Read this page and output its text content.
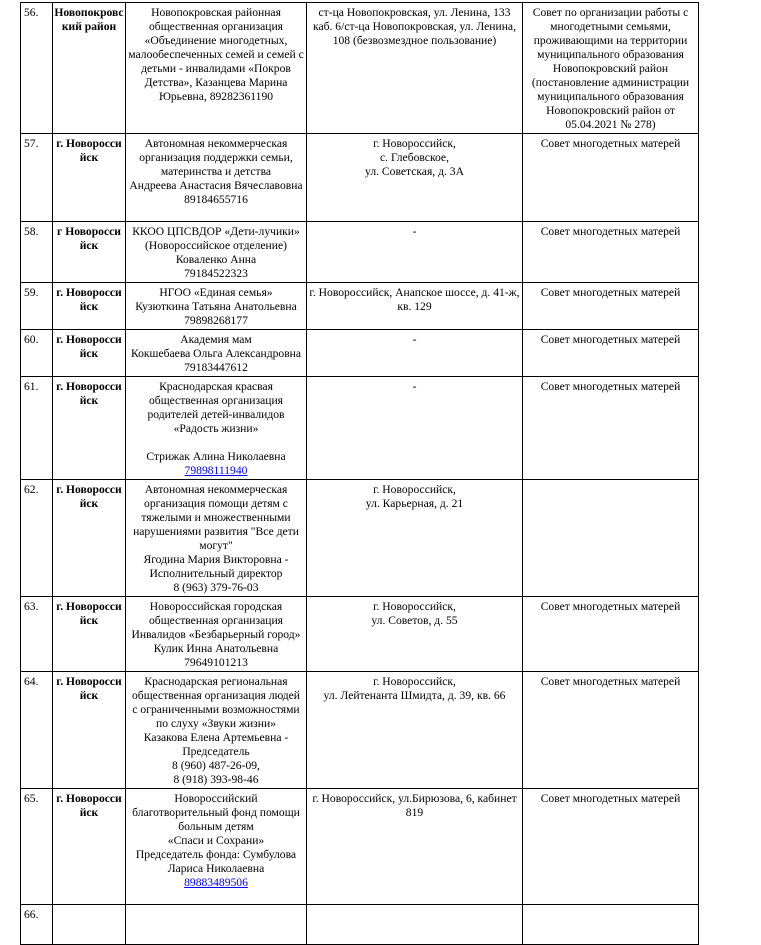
56.	Новопокровский район	Новопокровская районная общественная организация «Объединение многодетных, малообеспеченных семей и семей с детьми - инвалидами «Покров Детства», Казанцева Марина Юрьевна, 89282361190	ст-ца Новопокровская, ул. Ленина, 133 каб. 6/ст-ца Новопокровская, ул. Ленина, 108 (безвозмездное пользование)	Совет по организации работы с многодетными семьями, проживающими на территории муниципального образования Новопокровский район (постановление администрации муниципального образования Новопокровский район от 05.04.2021 № 278)
57.	г. Новороссийск	Автономная некоммерческая организация поддержки семьи, материнства и детства
Андреева Анастасия Вячеславовна
89184655716	г. Новороссийск,
с. Глебовское,
ул. Советская, д. 3А	Совет многодетных матерей
58.	г Новороссийск	ККОО ЦПСВДОР «Дети-лучики»
(Новороссийское отделение)
Коваленко Анна
79184522323	-	Совет многодетных матерей
59.	г. Новороссийск	НГОО «Единая семья»
Кузюткина Татьяна Анатольевна
79898268177	г. Новороссийск, Анапское шоссе, д. 41-ж, кв. 129	Совет многодетных матерей
60.	г. Новороссийск	Академия мам
Кокшебаева Ольга Александровна
79183447612	-	Совет многодетных матерей
61.	г. Новороссийск	Краснодарская красвая общественная организация родителей детей-инвалидов «Радость жизни»
Стрижак Алина Николаевна
79898111940	-	Совет многодетных матерей
62.	г. Новороссийск	Автономная некоммерческая организация помощи детям с тяжелыми и множественными нарушениями развития "Все дети могут"
Ягодина Мария Викторовна - Исполнительный директор
8 (963) 379-76-03	г. Новороссийск,
ул. Карьерная, д. 21	

63.	г. Новороссийск	Новороссийская городская общественная организация Инвалидов «Безбарьерный город»
Кулик Инна Анатольевна
79649101213	г. Новороссийск,
ул. Советов, д. 55	Совет многодетных матерей
64.	г. Новороссийск	Краснодарская региональная общественная организация людей с ограниченными возможностями по слуху «Звуки жизни»
Казакова Елена Артемьевна - Председатель
8 (960) 487-26-09,
8 (918) 393-98-46	г. Новороссийск,
ул. Лейтенанта Шмидта, д. 39, кв. 66	Совет многодетных матерей
65.	г. Новороссийск	Новороссийский благотворительный фонд помощи больным детям
«Спаси и Сохрани»
Председатель фонда: Сумбулова Лариса Николаевна
89883489506	г. Новороссийск, ул.Бирюзова, 6, кабинет 819	Совет многодетных матерей
66.				
